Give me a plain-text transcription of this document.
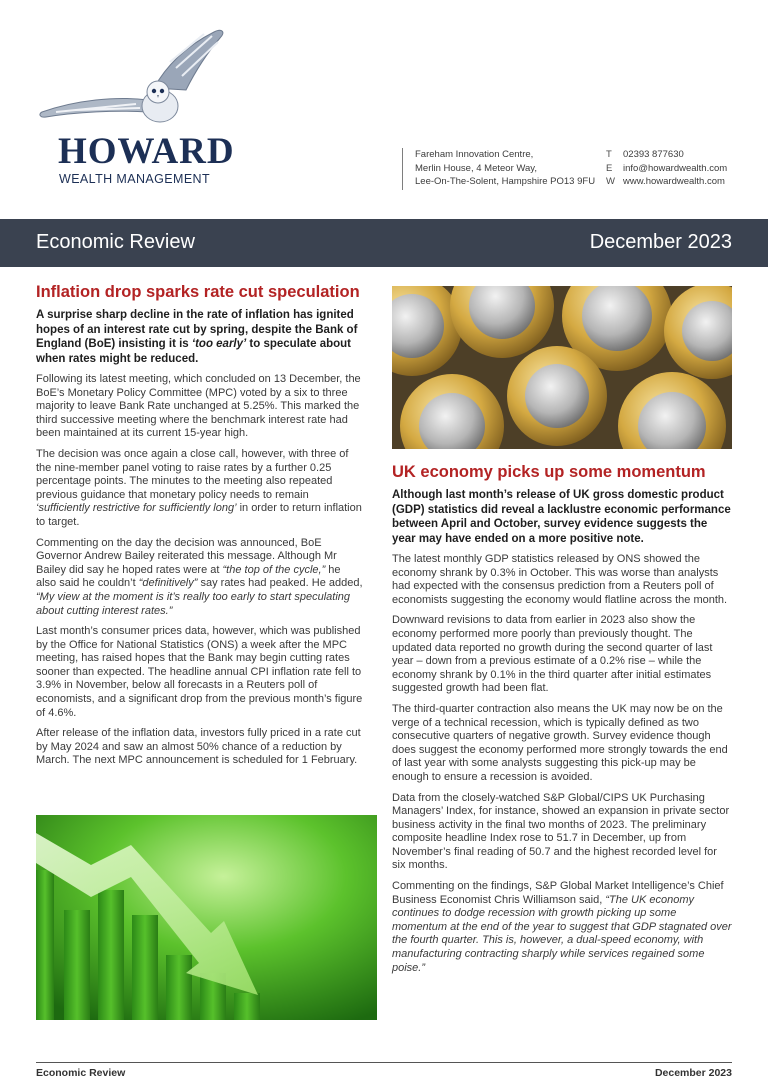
HOWARD
WEALTH MANAGEMENT
Fareham Innovation Centre,
Merlin House, 4 Meteor Way,
Lee-On-The-Solent, Hampshire PO13 9FU
T	02393 877630
E	info@howardwealth.com
W www.howardwealth.com
Economic Review	December 2023
Inflation drop sparks rate cut speculation
A surprise sharp decline in the rate of inflation has ignited hopes of an interest rate cut by spring, despite the Bank of England (BoE) insisting it is ‘too early’ to speculate about when rates might be reduced.

Following its latest meeting, which concluded on 13 December, the BoE’s Monetary Policy Committee (MPC) voted by a six to three majority to leave Bank Rate unchanged at 5.25%. This marked the third successive meeting where the benchmark interest rate had been maintained at its current 15-year high.

The decision was once again a close call, however, with three of the nine-member panel voting to raise rates by a further 0.25 percentage points. The minutes to the meeting also repeated previous guidance that monetary policy needs to remain ‘sufficiently restrictive for sufficiently long’ in order to return inflation to target.

Commenting on the day the decision was announced, BoE Governor Andrew Bailey reiterated this message. Although Mr Bailey did say he hoped rates were at “the top of the cycle,” he also said he couldn’t “definitively” say rates had peaked. He added, “My view at the moment is it’s really too early to start speculating about cutting interest rates.”

Last month’s consumer prices data, however, which was published by the Office for National Statistics (ONS) a week after the MPC meeting, has raised hopes that the Bank may begin cutting rates sooner than expected. The headline annual CPI inflation rate fell to 3.9% in November, below all forecasts in a Reuters poll of economists, and a significant drop from the previous month’s figure of 4.6%.

After release of the inflation data, investors fully priced in a rate cut by May 2024 and saw an almost 50% chance of a reduction by March. The next MPC announcement is scheduled for 1 February.

UK economy picks up some momentum
Although last month’s release of UK gross domestic product (GDP) statistics did reveal a lacklustre economic performance between April and October, survey evidence suggests the year may have ended on a more positive note.

The latest monthly GDP statistics released by ONS showed the economy shrank by 0.3% in October. This was worse than analysts had expected with the consensus prediction from a Reuters poll of economists suggesting the economy would flatline across the month.

Downward revisions to data from earlier in 2023 also show the economy performed more poorly than previously thought. The updated data reported no growth during the second quarter of last year – down from a previous estimate of a 0.2% rise – while the economy shrank by 0.1% in the third quarter after initial estimates suggested growth had been flat.

The third-quarter contraction also means the UK may now be on the verge of a technical recession, which is typically defined as two consecutive quarters of negative growth. Survey evidence though does suggest the economy performed more strongly towards the end of last year with some analysts suggesting this pick-up may be enough to ensure a recession is avoided.

Data from the closely-watched S&P Global/CIPS UK Purchasing Managers’ Index, for instance, showed an expansion in private sector business activity in the final two months of 2023. The preliminary composite headline Index rose to 51.7 in December, up from November’s final reading of 50.7 and the highest recorded level for six months.

Commenting on the findings, S&P Global Market Intelligence’s Chief Business Economist Chris Williamson said, “The UK economy continues to dodge recession with growth picking up some momentum at the end of the year to suggest that GDP stagnated over the fourth quarter. This is, however, a dual-speed economy, with manufacturing contracting sharply while services regained some poise.”

Economic Review	December 2023
